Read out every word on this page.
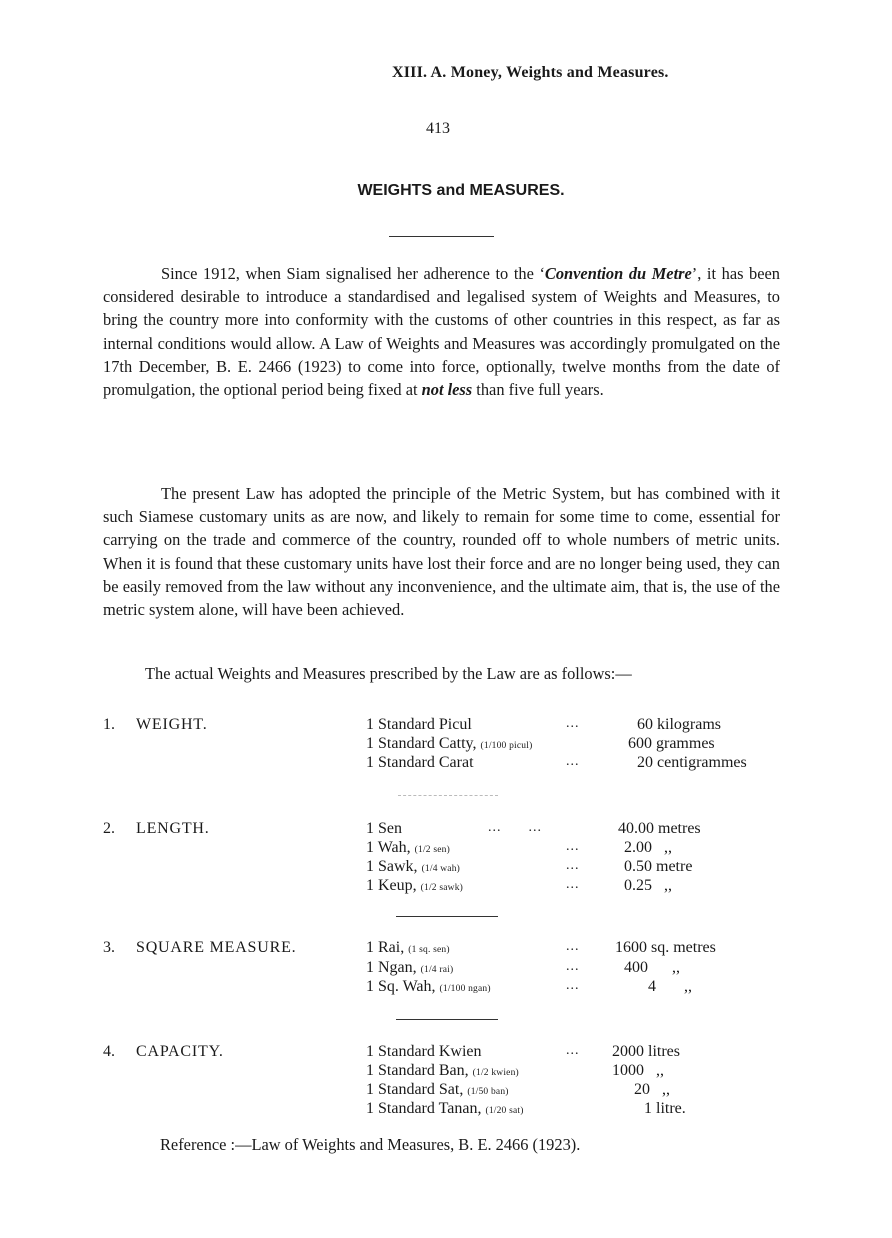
XIII. A. Money, Weights and Measures.
413
WEIGHTS and MEASURES.

Since 1912, when Siam signalised her adherence to the ‘Convention du Metre’, it has been considered desirable to introduce a standardised and legalised system of Weights and Measures, to bring the country more into conformity with the customs of other countries in this respect, as far as internal conditions would allow. A Law of Weights and Measures was accordingly promulgated on the 17th December, B. E. 2466 (1923) to come into force, optionally, twelve months from the date of promulgation, the optional period being fixed at not less than five full years.

The present Law has adopted the principle of the Metric System, but has combined with it such Siamese customary units as are now, and likely to remain for some time to come, essential for carrying on the trade and commerce of the country, rounded off to whole numbers of metric units. When it is found that these customary units have lost their force and are no longer being used, they can be easily removed from the law without any inconvenience, and the ultimate aim, that is, the use of the metric system alone, will have been achieved.

The actual Weights and Measures prescribed by the Law are as follows:—
1. WEIGHT.	1 Standard Picul	...	60 kilograms
1 Standard Catty, (1/100 picul)	600 grammes
1 Standard Carat	...	20 centigrammes
2. LENGTH.	1 Sen	...      ...	40.00 metres
1 Wah, (1/2 sen)	...	2.00   ,,
1 Sawk, (1/4 wah)	...	0.50 metre
1 Keup, (1/2 sawk)	...	0.25   ,,
3. SQUARE MEASURE.	1 Rai, (1 sq. sen)	... 1600 sq. metres
1 Ngan, (1/4 rai)	...	400      ,,
1 Sq. Wah, (1/100 ngan)	...	4       ,,
4. CAPACITY.	1 Standard Kwien	... 2000 litres
1 Standard Ban, (1/2 kwien)	1000   ,,
1 Standard Sat, (1/50 ban)	20   ,,
1 Standard Tanan, (1/20 sat)	1 litre.
Reference :—Law of Weights and Measures, B. E. 2466 (1923).
